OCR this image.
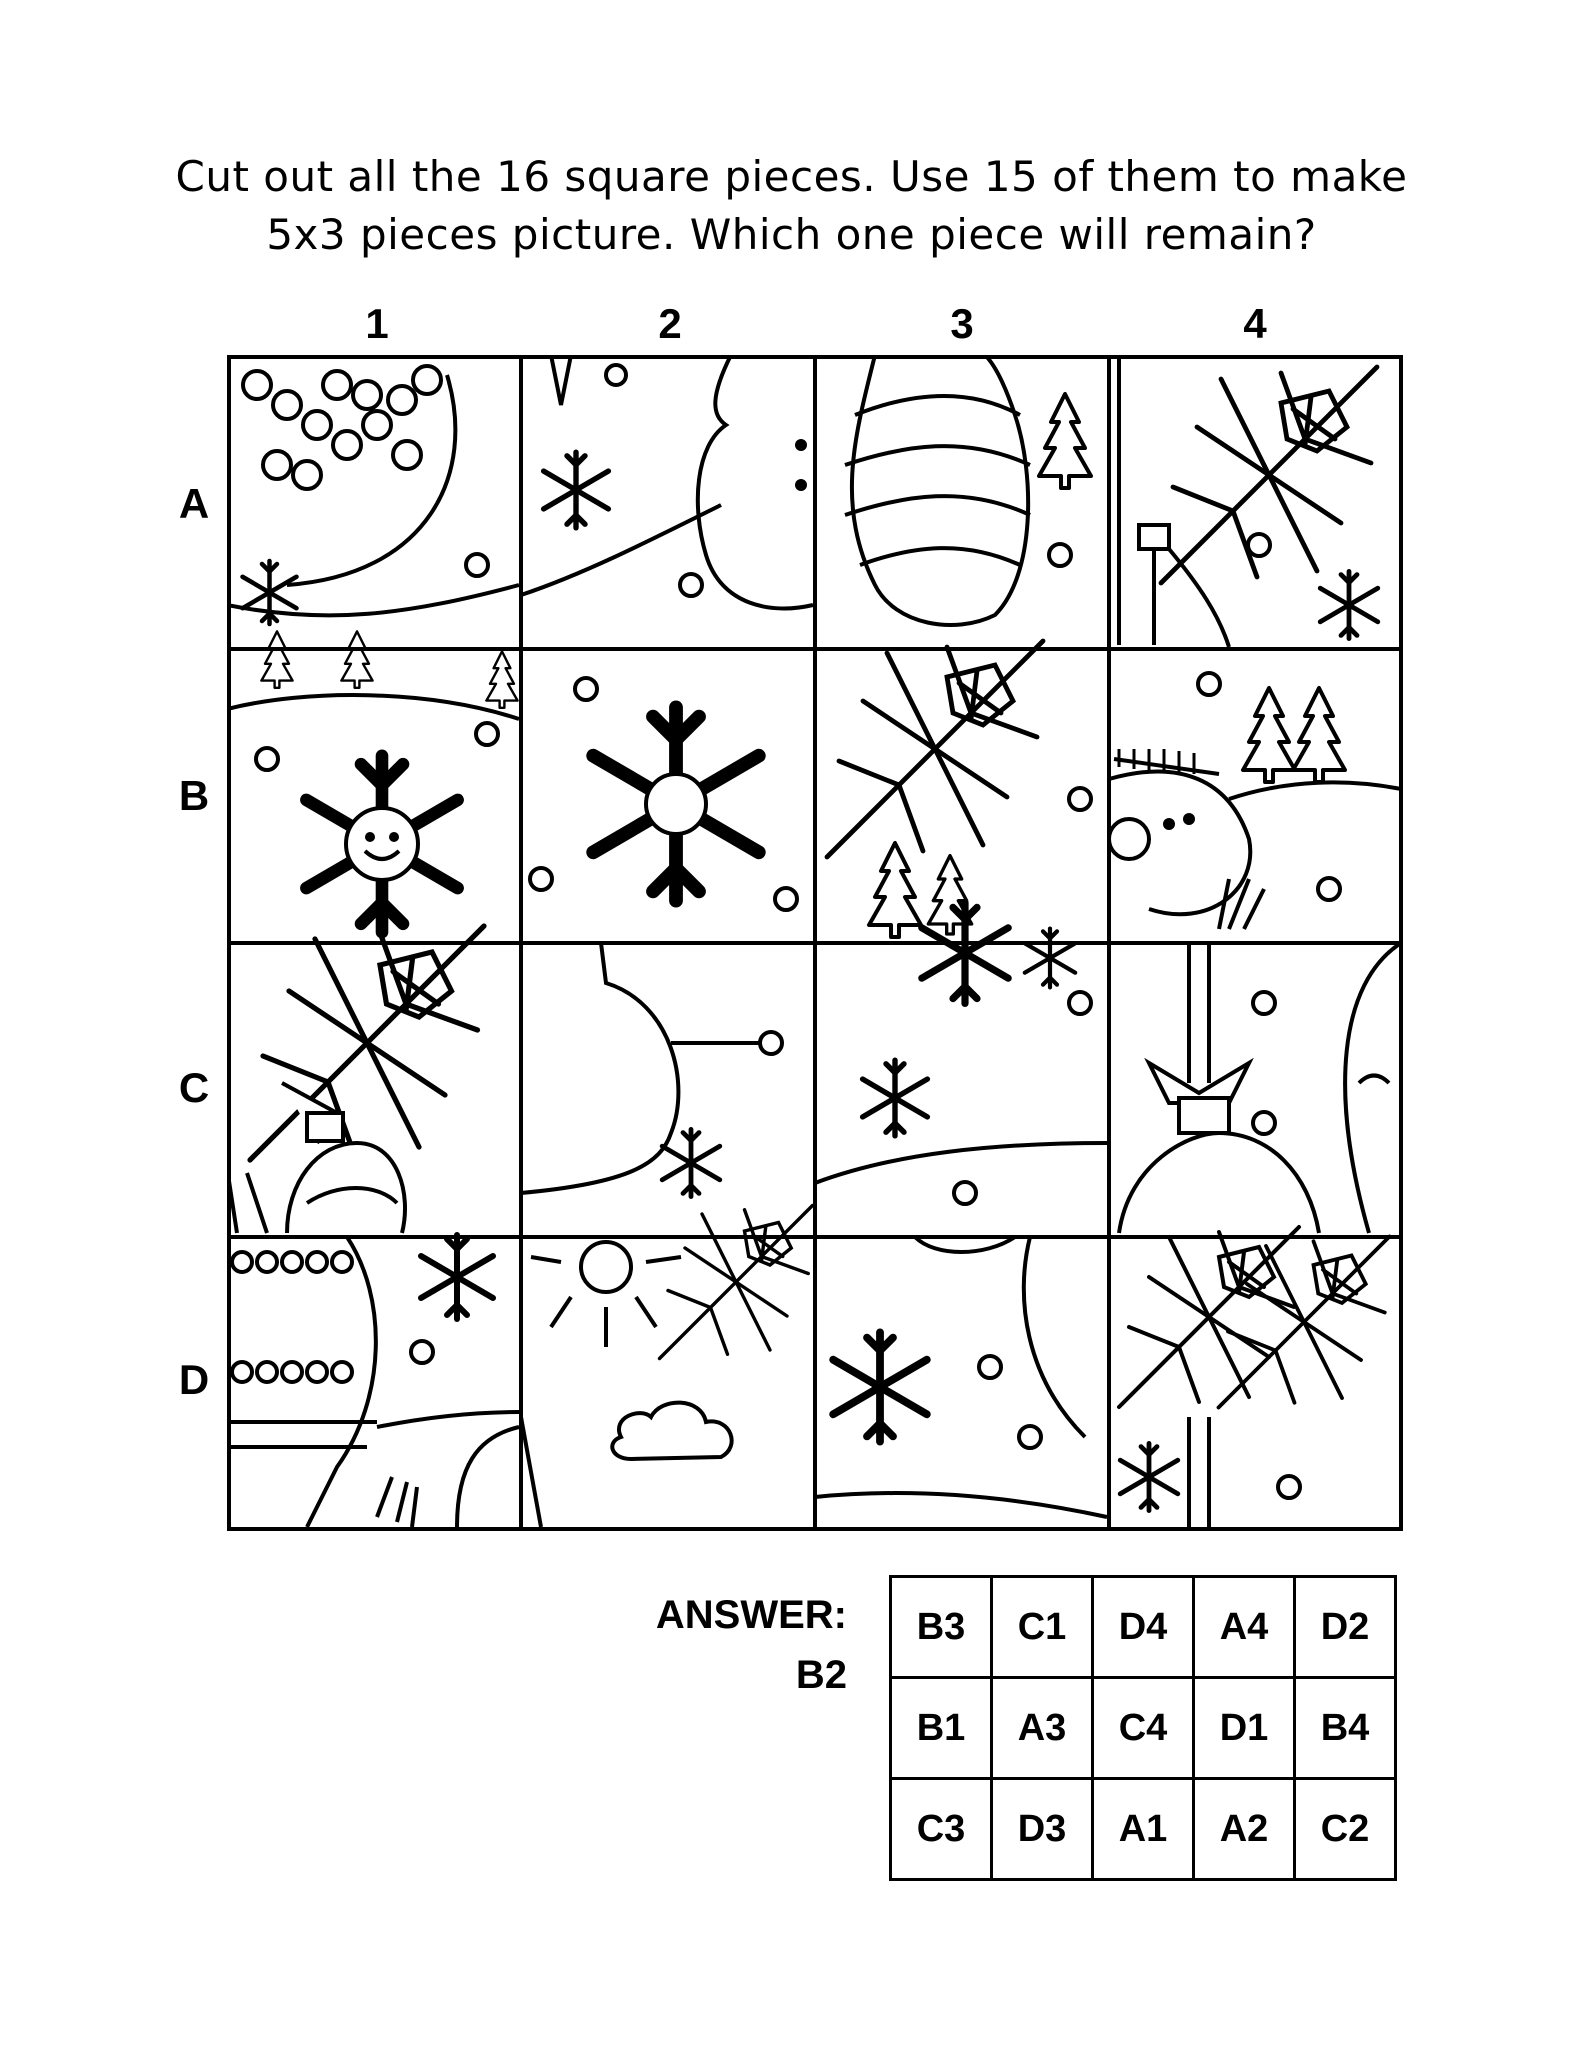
Cut out all the 16 square pieces. Use 15 of them to make
5x3 pieces picture. Which one piece will remain?
1	2	3	4
A
B
C
D
ANSWER:
B2
B3	C1	D4	A4	D2
B1	A3	C4	D1	B4
C3	D3	A1	A2	C2
